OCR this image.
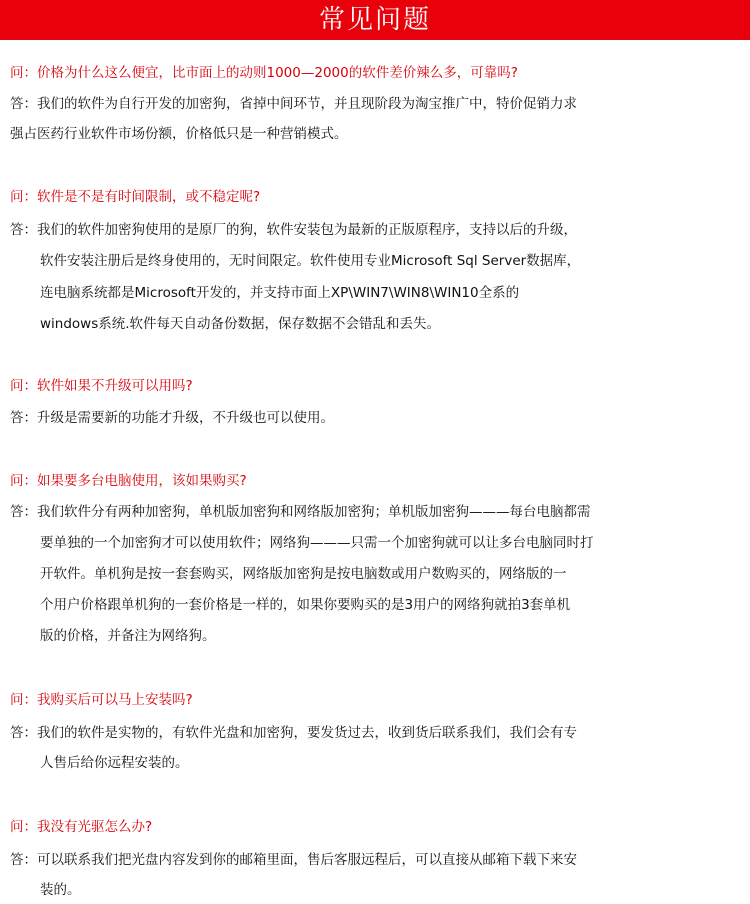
常见问题
问：价格为什么这么便宜，比市面上的动则1000—2000的软件差价辣么多，可靠吗?
答：我们的软件为自行开发的加密狗，省掉中间环节，并且现阶段为淘宝推广中，特价促销力求
强占医药行业软件市场份额，价格低只是一种营销模式。
问：软件是不是有时间限制，或不稳定呢?
答：我们的软件加密狗使用的是原厂的狗，软件安装包为最新的正版原程序，支持以后的升级，
软件安装注册后是终身使用的，无时间限定。软件使用专业Microsoft Sql Server数据库，
连电脑系统都是Microsoft开发的，并支持市面上XP\WIN7\WIN8\WIN10全系的
windows系统.软件每天自动备份数据，保存数据不会错乱和丢失。
问：软件如果不升级可以用吗?
答：升级是需要新的功能才升级，不升级也可以使用。
问：如果要多台电脑使用，该如果购买?
答：我们软件分有两种加密狗，单机版加密狗和网络版加密狗；单机版加密狗———每台电脑都需
要单独的一个加密狗才可以使用软件；网络狗———只需一个加密狗就可以让多台电脑同时打
开软件。单机狗是按一套套购买，网络版加密狗是按电脑数或用户数购买的，网络版的一
个用户价格跟单机狗的一套价格是一样的，如果你要购买的是3用户的网络狗就拍3套单机
版的价格，并备注为网络狗。
问：我购买后可以马上安装吗?
答：我们的软件是实物的，有软件光盘和加密狗，要发货过去，收到货后联系我们，我们会有专
人售后给你远程安装的。
问：我没有光驱怎么办?
答：可以联系我们把光盘内容发到你的邮箱里面，售后客服远程后，可以直接从邮箱下载下来安
装的。
